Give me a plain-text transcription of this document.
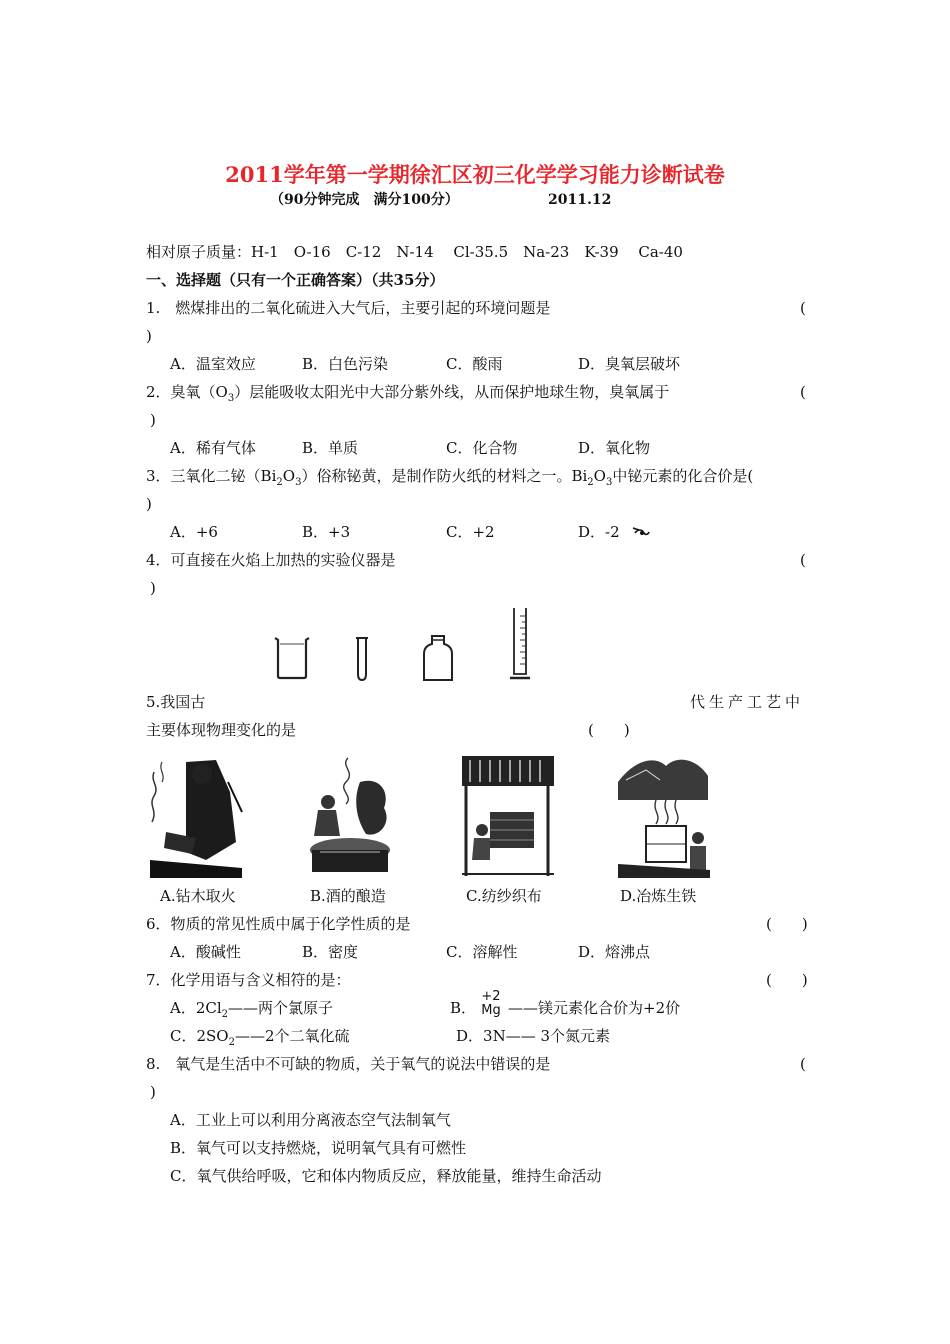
2011学年第一学期徐汇区初三化学学习能力诊断试卷
（90分钟完成　满分100分）	2011.12
相对原子质量：H-1　O-16　C-12　N-14　 Cl-35.5　Na-23　K-39　 Ca-40
一、选择题（只有一个正确答案）（共35分）
1.　燃煤排出的二氧化硫进入大气后，主要引起的环境问题是	(
)
A．温室效应	B．白色污染	C．酸雨	D．臭氧层破坏
2．臭氧$(O_3)$层能吸收太阳光中大部分紫外线，从而保护地球生物，臭氧属于	(
)
A．稀有气体	B．单质	C．化合物	D．氧化物
3．三氧化二铋$(Bi_2O_3)$俗称铋黄，是制作防火纸的材料之一。$Bi_2O_3$中铋元素的化合价是(
)
A．+6	B．+3	C．+2	D．-2
4．可直接在火焰上加热的实验仪器是	(
)
5.我国古	代生产工艺中
主要体现物理变化的是	(　　)
A.钻木取火	B.酒的酿造	C.纺纱织布	D.冶炼生铁
6．物质的常见性质中属于化学性质的是	(　　)
A．酸碱性	B．密度	C．溶解性	D．熔沸点
7．化学用语与含义相符的是：	(　　)
A．$2Cl_2——$两个氯原子	B．
+2
Mg ——镁元素化合价为+2价
C．$2SO_2——2$个二氧化硫	D．3N—— 3个氮元素
8.　氧气是生活中不可缺的物质，关于氧气的说法中错误的是	(
)
A．工业上可以利用分离液态空气法制氧气
B．氧气可以支持燃烧，说明氧气具有可燃性
C．氧气供给呼吸，它和体内物质反应，释放能量，维持生命活动
